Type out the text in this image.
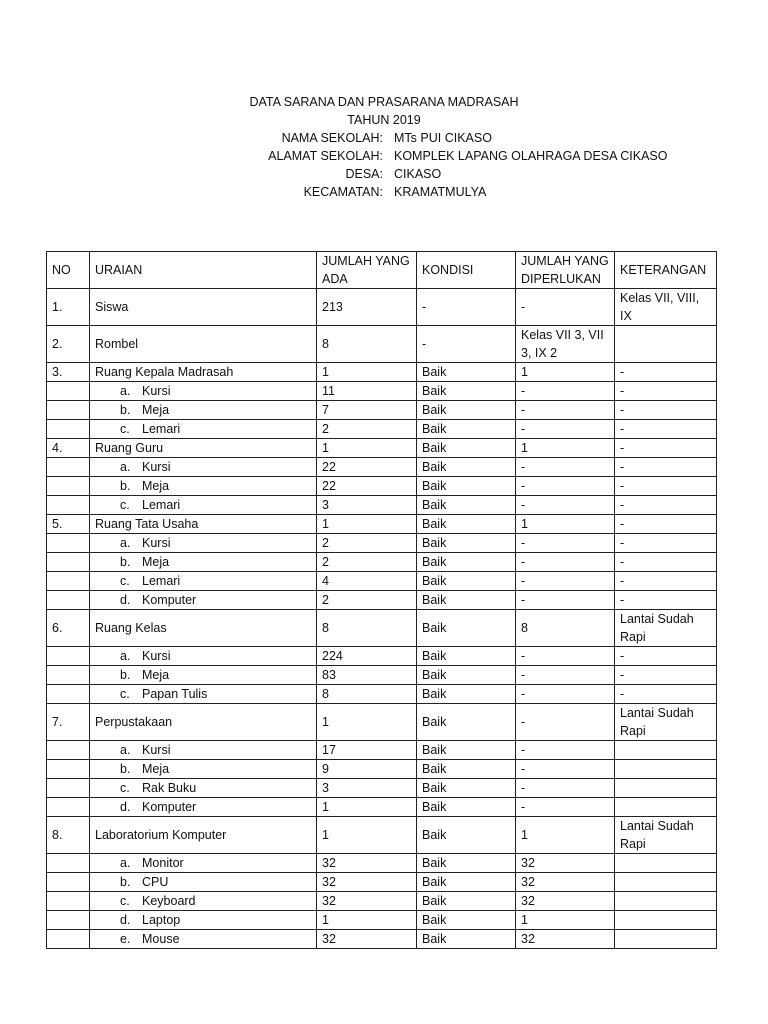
DATA SARANA DAN PRASARANA MADRASAH
TAHUN 2019
NAMA SEKOLAH: MTs PUI CIKASO
ALAMAT SEKOLAH: KOMPLEK LAPANG OLAHRAGA DESA CIKASO
DESA: CIKASO
KECAMATAN: KRAMATMULYA
NO	URAIAN	JUMLAH YANG ADA	KONDISI	JUMLAH YANG DIPERLUKAN	KETERANGAN
1.	Siswa	213	-	-	Kelas VII, VIII, IX
2.	Rombel	8	-	Kelas VII 3, VII 3, IX 2	
3.	Ruang Kepala Madrasah	1	Baik	1	-
	a. Kursi	11	Baik	-	-
	b. Meja	7	Baik	-	-
	c. Lemari	2	Baik	-	-
4.	Ruang Guru	1	Baik	1	-
	a. Kursi	22	Baik	-	-
	b. Meja	22	Baik	-	-
	c. Lemari	3	Baik	-	-
5.	Ruang Tata Usaha	1	Baik	1	-
	a. Kursi	2	Baik	-	-
	b. Meja	2	Baik	-	-
	c. Lemari	4	Baik	-	-
	d. Komputer	2	Baik	-	-
6.	Ruang Kelas	8	Baik	8	Lantai Sudah Rapi
	a. Kursi	224	Baik	-	-
	b. Meja	83	Baik	-	-
	c. Papan Tulis	8	Baik	-	-
7.	Perpustakaan	1	Baik	-	Lantai Sudah Rapi
	a. Kursi	17	Baik	-	
	b. Meja	9	Baik	-	
	c. Rak Buku	3	Baik	-	
	d. Komputer	1	Baik	-	
8.	Laboratorium Komputer	1	Baik	1	Lantai Sudah Rapi
	a. Monitor	32	Baik	32	
	b. CPU	32	Baik	32	
	c. Keyboard	32	Baik	32	
	d. Laptop	1	Baik	1	
	e. Mouse	32	Baik	32	
